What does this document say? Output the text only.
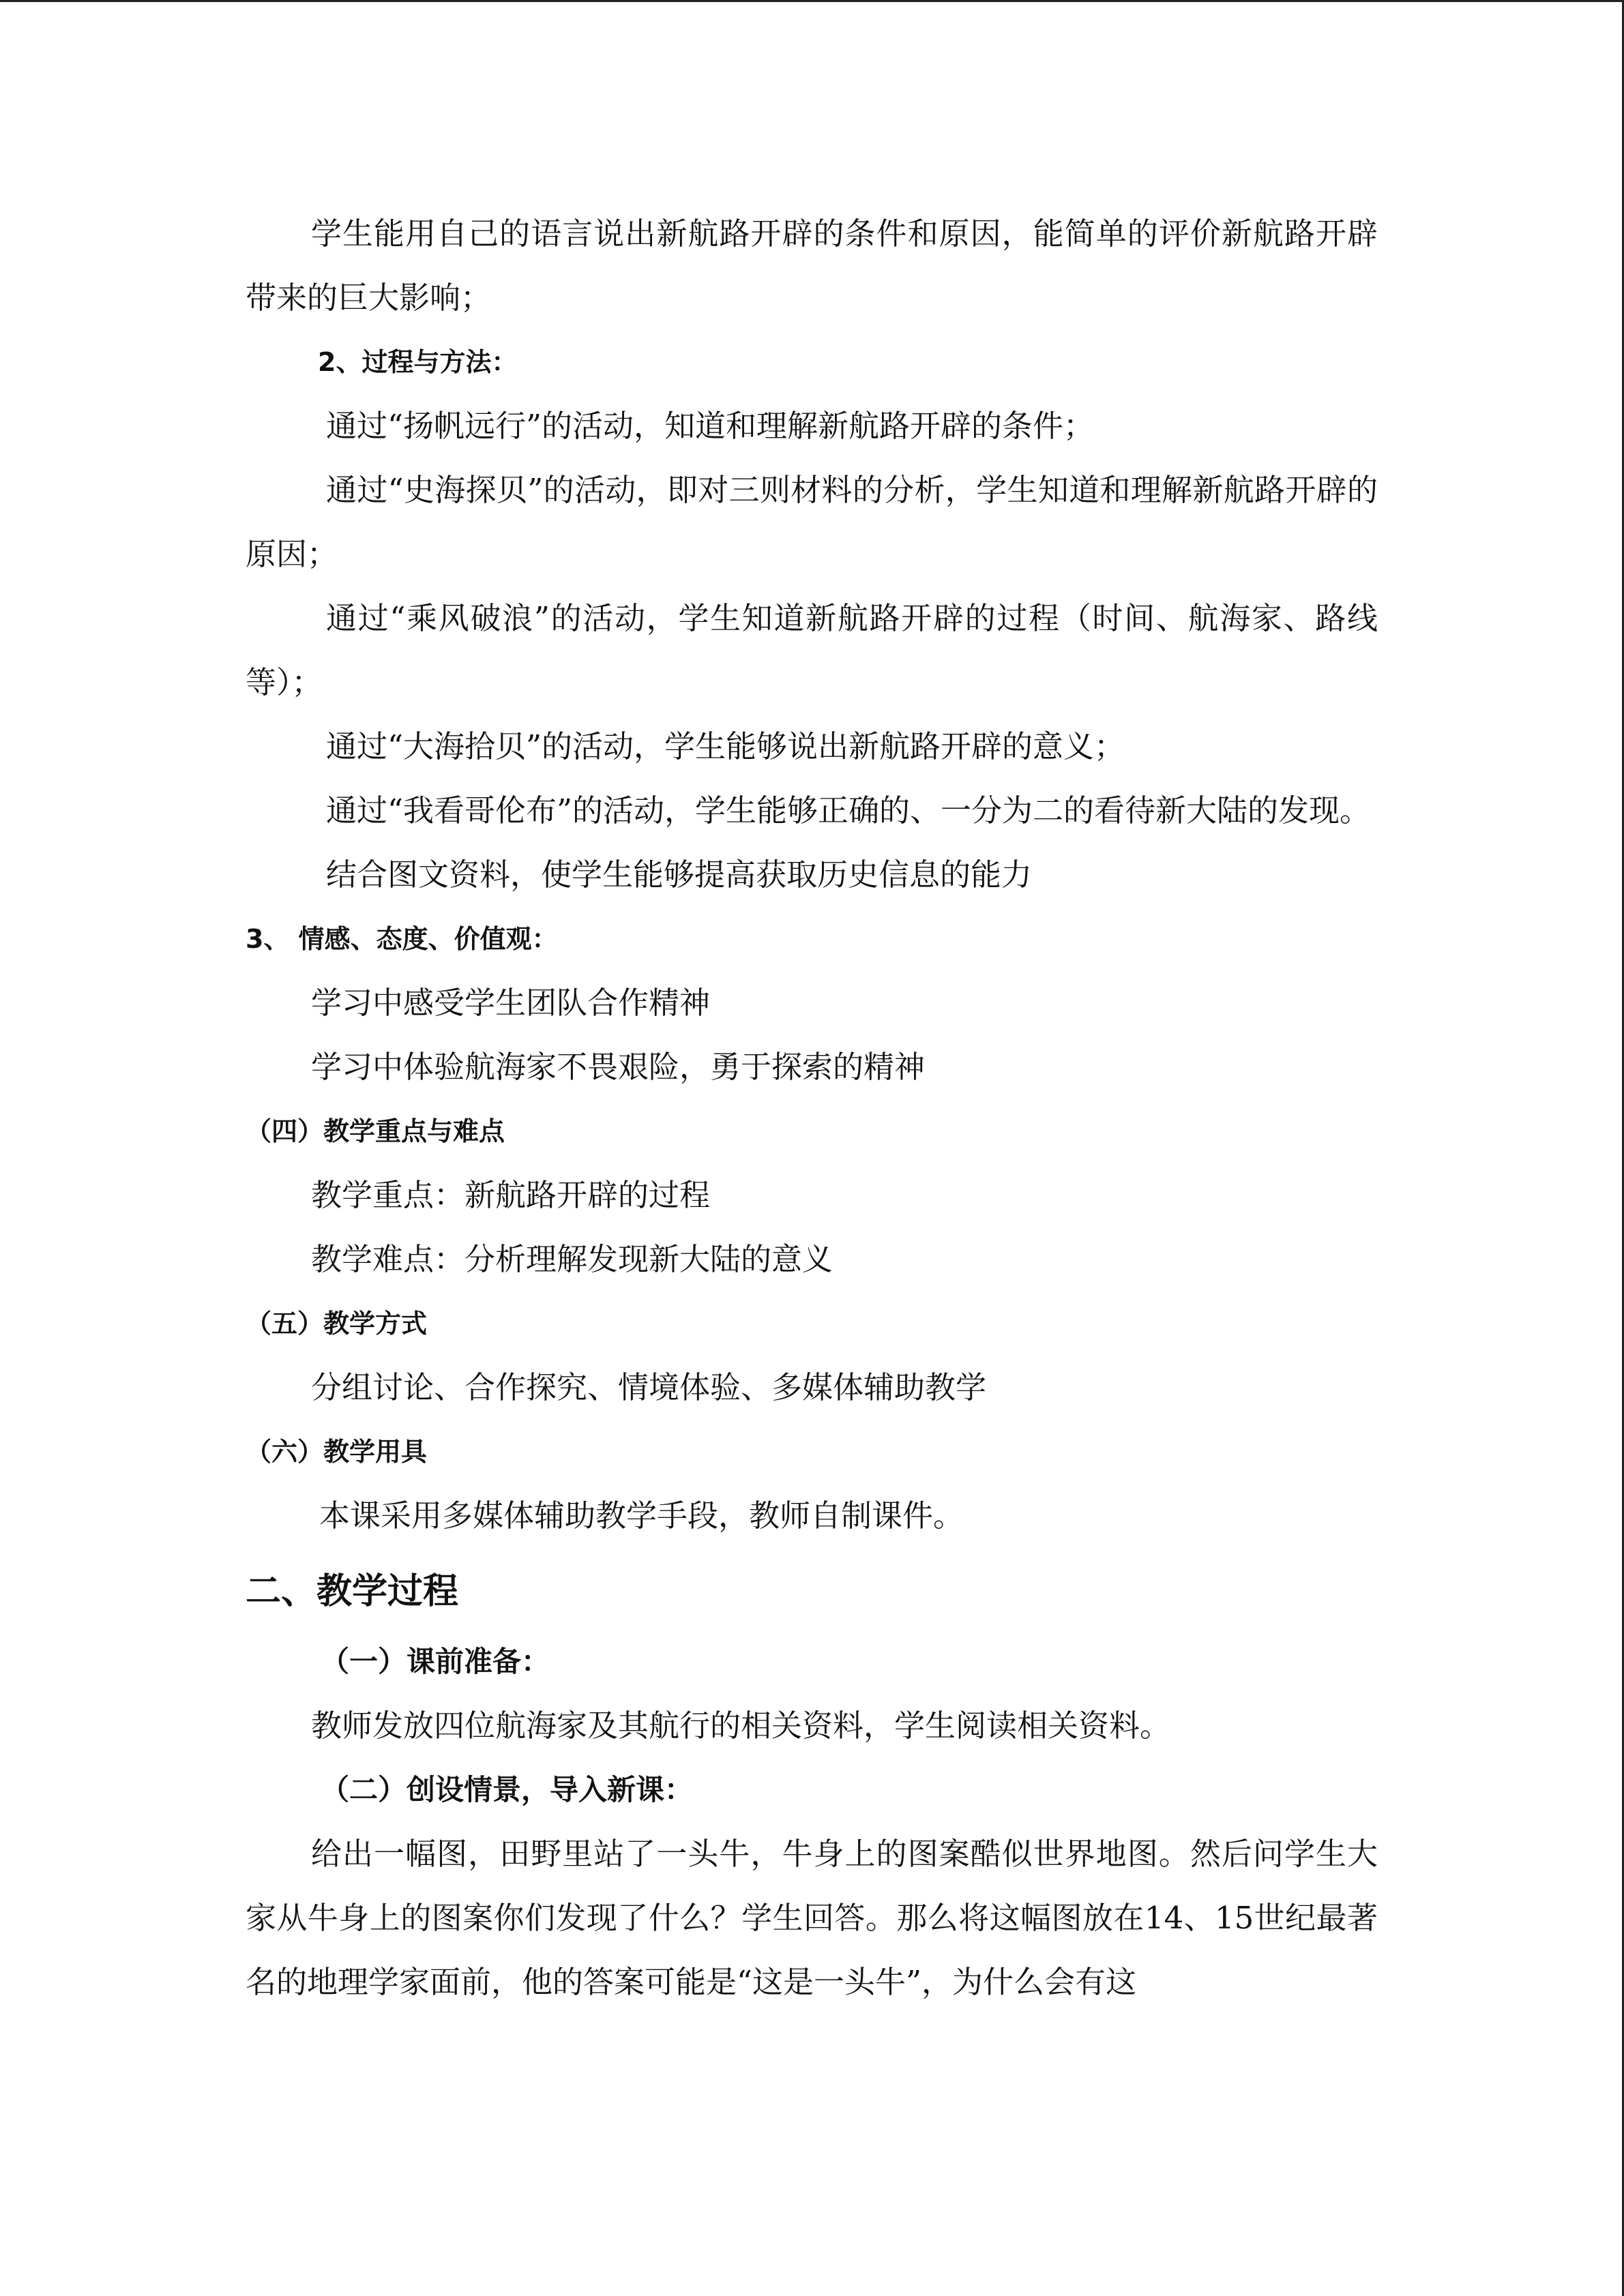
学生能用自己的语言说出新航路开辟的条件和原因，能简单的评价新航路开辟带来的巨大影响；

2、过程与方法：

通过“扬帆远行”的活动，知道和理解新航路开辟的条件；

通过“史海探贝”的活动，即对三则材料的分析，学生知道和理解新航路开辟的原因；

通过“乘风破浪”的活动，学生知道新航路开辟的过程（时间、航海家、路线等）；

通过“大海拾贝”的活动，学生能够说出新航路开辟的意义；

通过“我看哥伦布”的活动，学生能够正确的、一分为二的看待新大陆的发现。

结合图文资料，使学生能够提高获取历史信息的能力

3、 情感、态度、价值观：

学习中感受学生团队合作精神

学习中体验航海家不畏艰险，勇于探索的精神

（四）教学重点与难点

教学重点：新航路开辟的过程

教学难点：分析理解发现新大陆的意义

（五）教学方式

分组讨论、合作探究、情境体验、多媒体辅助教学

（六）教学用具

本课采用多媒体辅助教学手段，教师自制课件。

二、教学过程

（一）课前准备：

教师发放四位航海家及其航行的相关资料，学生阅读相关资料。

（二）创设情景，导入新课：

给出一幅图，田野里站了一头牛，牛身上的图案酷似世界地图。然后问学生大家从牛身上的图案你们发现了什么？学生回答。那么将这幅图放在14、15世纪最著名的地理学家面前，他的答案可能是“这是一头牛”，为什么会有这
